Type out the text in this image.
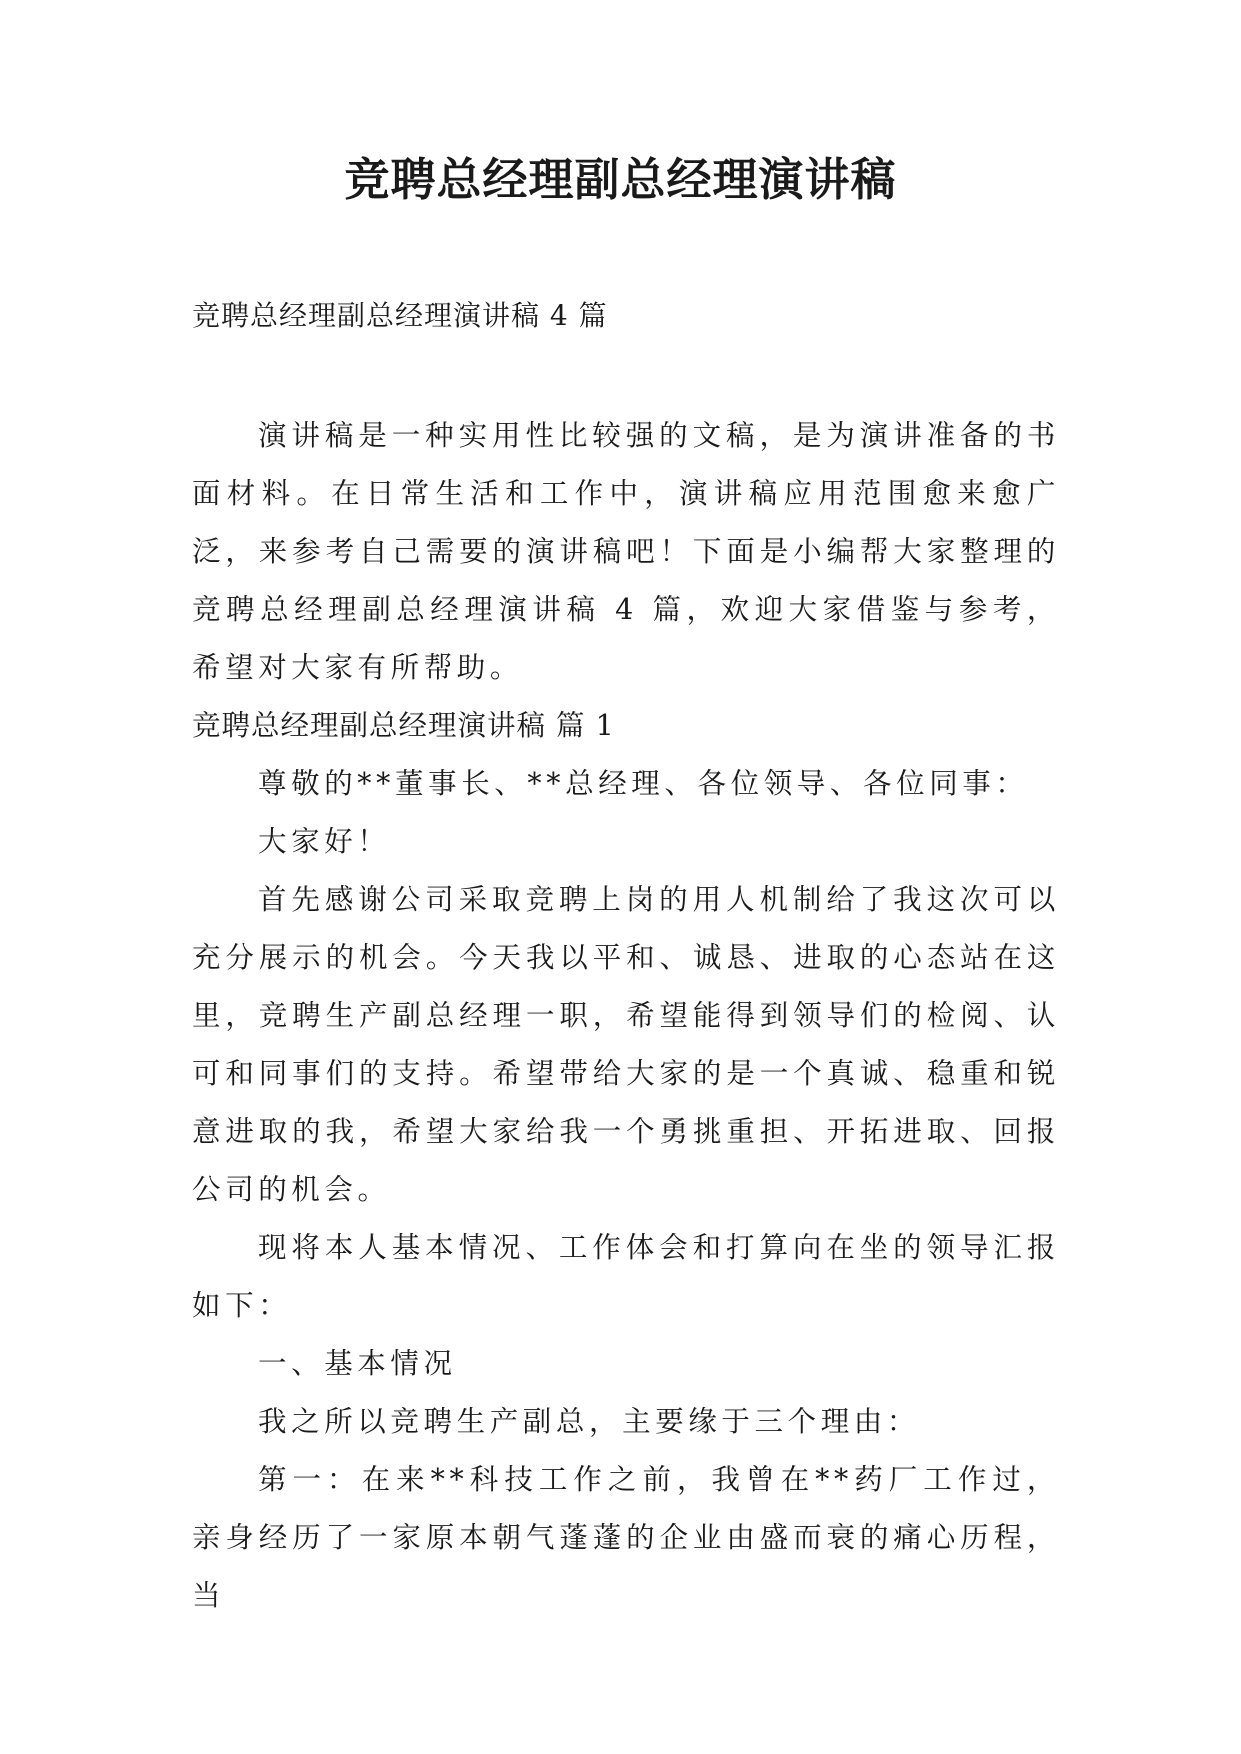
竞聘总经理副总经理演讲稿

竞聘总经理副总经理演讲稿 4 篇

演讲稿是一种实用性比较强的文稿，是为演讲准备的书面材料。在日常生活和工作中，演讲稿应用范围愈来愈广泛，来参考自己需要的演讲稿吧！下面是小编帮大家整理的竞聘总经理副总经理演讲稿 4 篇，欢迎大家借鉴与参考，希望对大家有所帮助。

竞聘总经理副总经理演讲稿 篇 1

尊敬的**董事长、**总经理、各位领导、各位同事：

大家好！

首先感谢公司采取竞聘上岗的用人机制给了我这次可以充分展示的机会。今天我以平和、诚恳、进取的心态站在这里，竞聘生产副总经理一职，希望能得到领导们的检阅、认可和同事们的支持。希望带给大家的是一个真诚、稳重和锐意进取的我，希望大家给我一个勇挑重担、开拓进取、回报公司的机会。

现将本人基本情况、工作体会和打算向在坐的领导汇报如下：

一、基本情况

我之所以竞聘生产副总，主要缘于三个理由：

第一：在来**科技工作之前，我曾在**药厂工作过，亲身经历了一家原本朝气蓬蓬的企业由盛而衰的痛心历程，当
